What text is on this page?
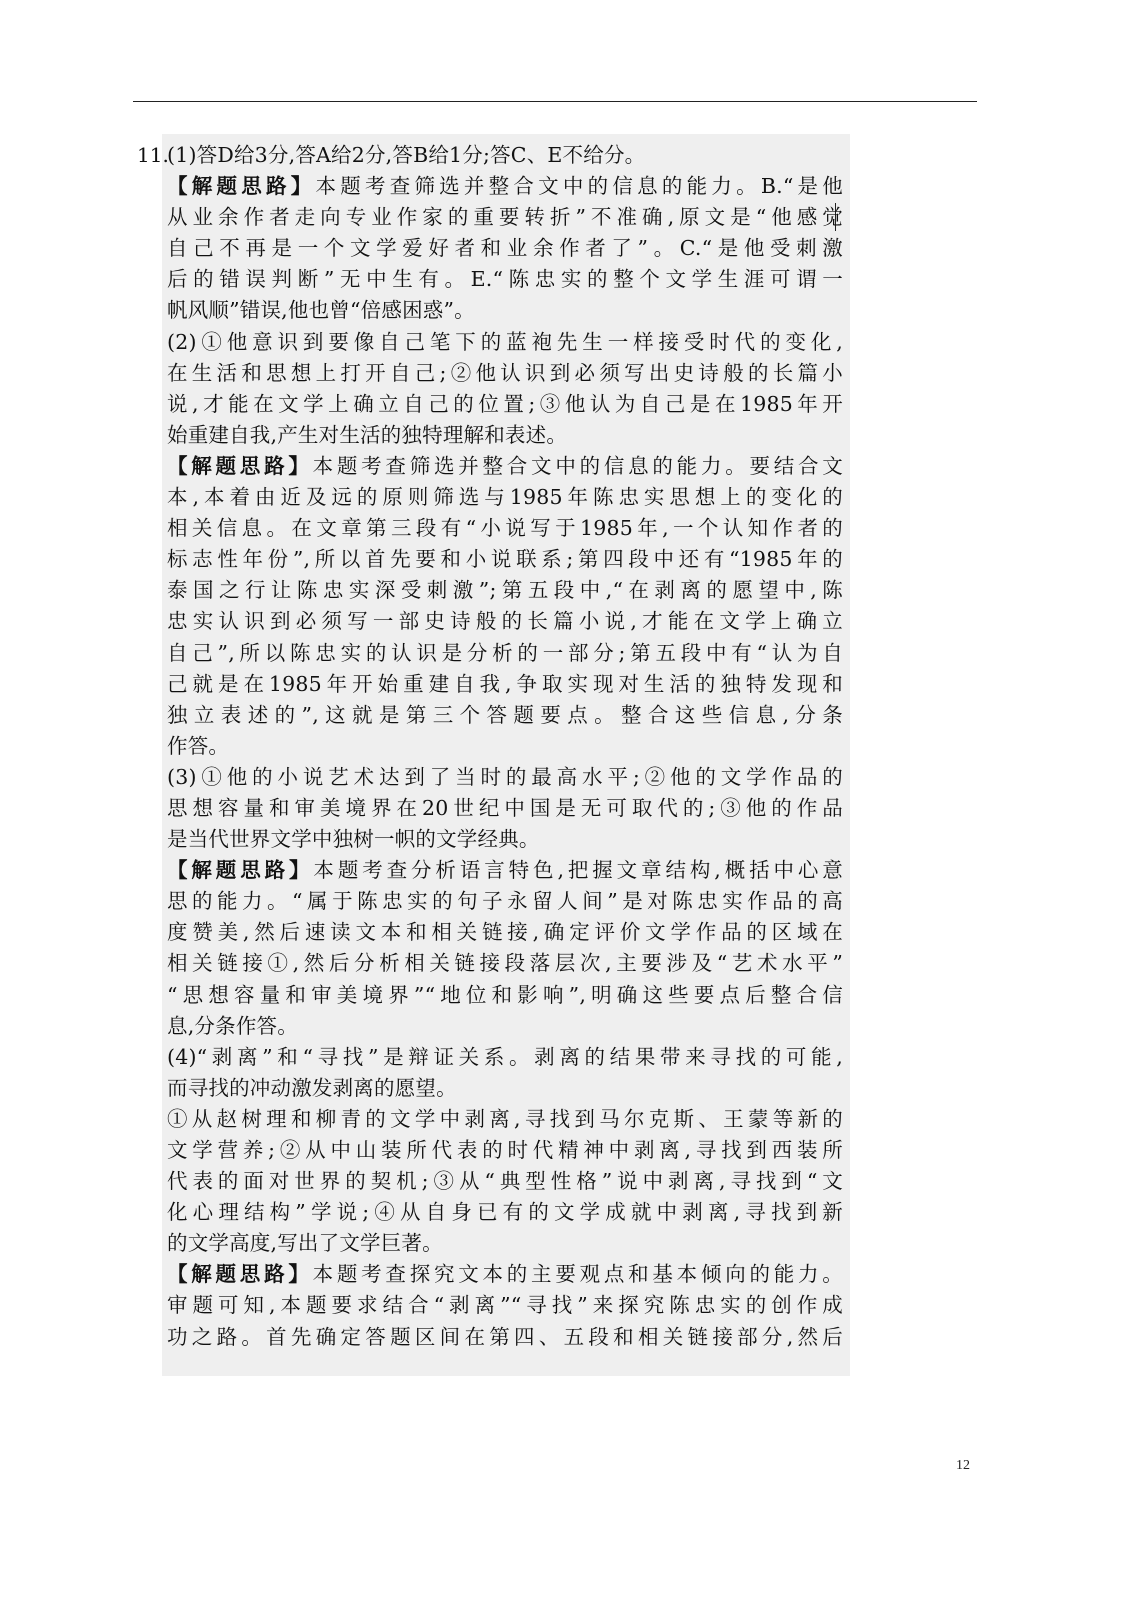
11.
(1)答D给3分,答A给2分,答B给1分;答C、E不给分。
【解题思路】本题考查筛选并整合文中的信息的能力。B.“是他
从业余作者走向专业作家的重要转折”不准确,原文是“他感觉
自己不再是一个文学爱好者和业余作者了”。C.“是他受刺激
后的错误判断”无中生有。E.“陈忠实的整个文学生涯可谓一
帆风顺”错误,他也曾“倍感困惑”。
(2)①他意识到要像自己笔下的蓝袍先生一样接受时代的变化,
在生活和思想上打开自己;②他认识到必须写出史诗般的长篇小
说,才能在文学上确立自己的位置;③他认为自己是在1985年开
始重建自我,产生对生活的独特理解和表述。
【解题思路】本题考查筛选并整合文中的信息的能力。要结合文
本,本着由近及远的原则筛选与1985年陈忠实思想上的变化的
相关信息。在文章第三段有“小说写于1985年,一个认知作者的
标志性年份”,所以首先要和小说联系;第四段中还有“1985年的
泰国之行让陈忠实深受刺激”;第五段中,“在剥离的愿望中,陈
忠实认识到必须写一部史诗般的长篇小说,才能在文学上确立
自己”,所以陈忠实的认识是分析的一部分;第五段中有“认为自
己就是在1985年开始重建自我,争取实现对生活的独特发现和
独立表述的”,这就是第三个答题要点。整合这些信息,分条
作答。
(3)①他的小说艺术达到了当时的最高水平;②他的文学作品的
思想容量和审美境界在20世纪中国是无可取代的;③他的作品
是当代世界文学中独树一帜的文学经典。
【解题思路】本题考查分析语言特色,把握文章结构,概括中心意
思的能力。“属于陈忠实的句子永留人间”是对陈忠实作品的高
度赞美,然后速读文本和相关链接,确定评价文学作品的区域在
相关链接①,然后分析相关链接段落层次,主要涉及“艺术水平”
“思想容量和审美境界”“地位和影响”,明确这些要点后整合信
息,分条作答。
(4)“剥离”和“寻找”是辩证关系。剥离的结果带来寻找的可能,
而寻找的冲动激发剥离的愿望。
①从赵树理和柳青的文学中剥离,寻找到马尔克斯、王蒙等新的
文学营养;②从中山装所代表的时代精神中剥离,寻找到西装所
代表的面对世界的契机;③从“典型性格”说中剥离,寻找到“文
化心理结构”学说;④从自身已有的文学成就中剥离,寻找到新
的文学高度,写出了文学巨著。
【解题思路】本题考查探究文本的主要观点和基本倾向的能力。
审题可知,本题要求结合“剥离”“寻找”来探究陈忠实的创作成
功之路。首先确定答题区间在第四、五段和相关链接部分,然后
12
